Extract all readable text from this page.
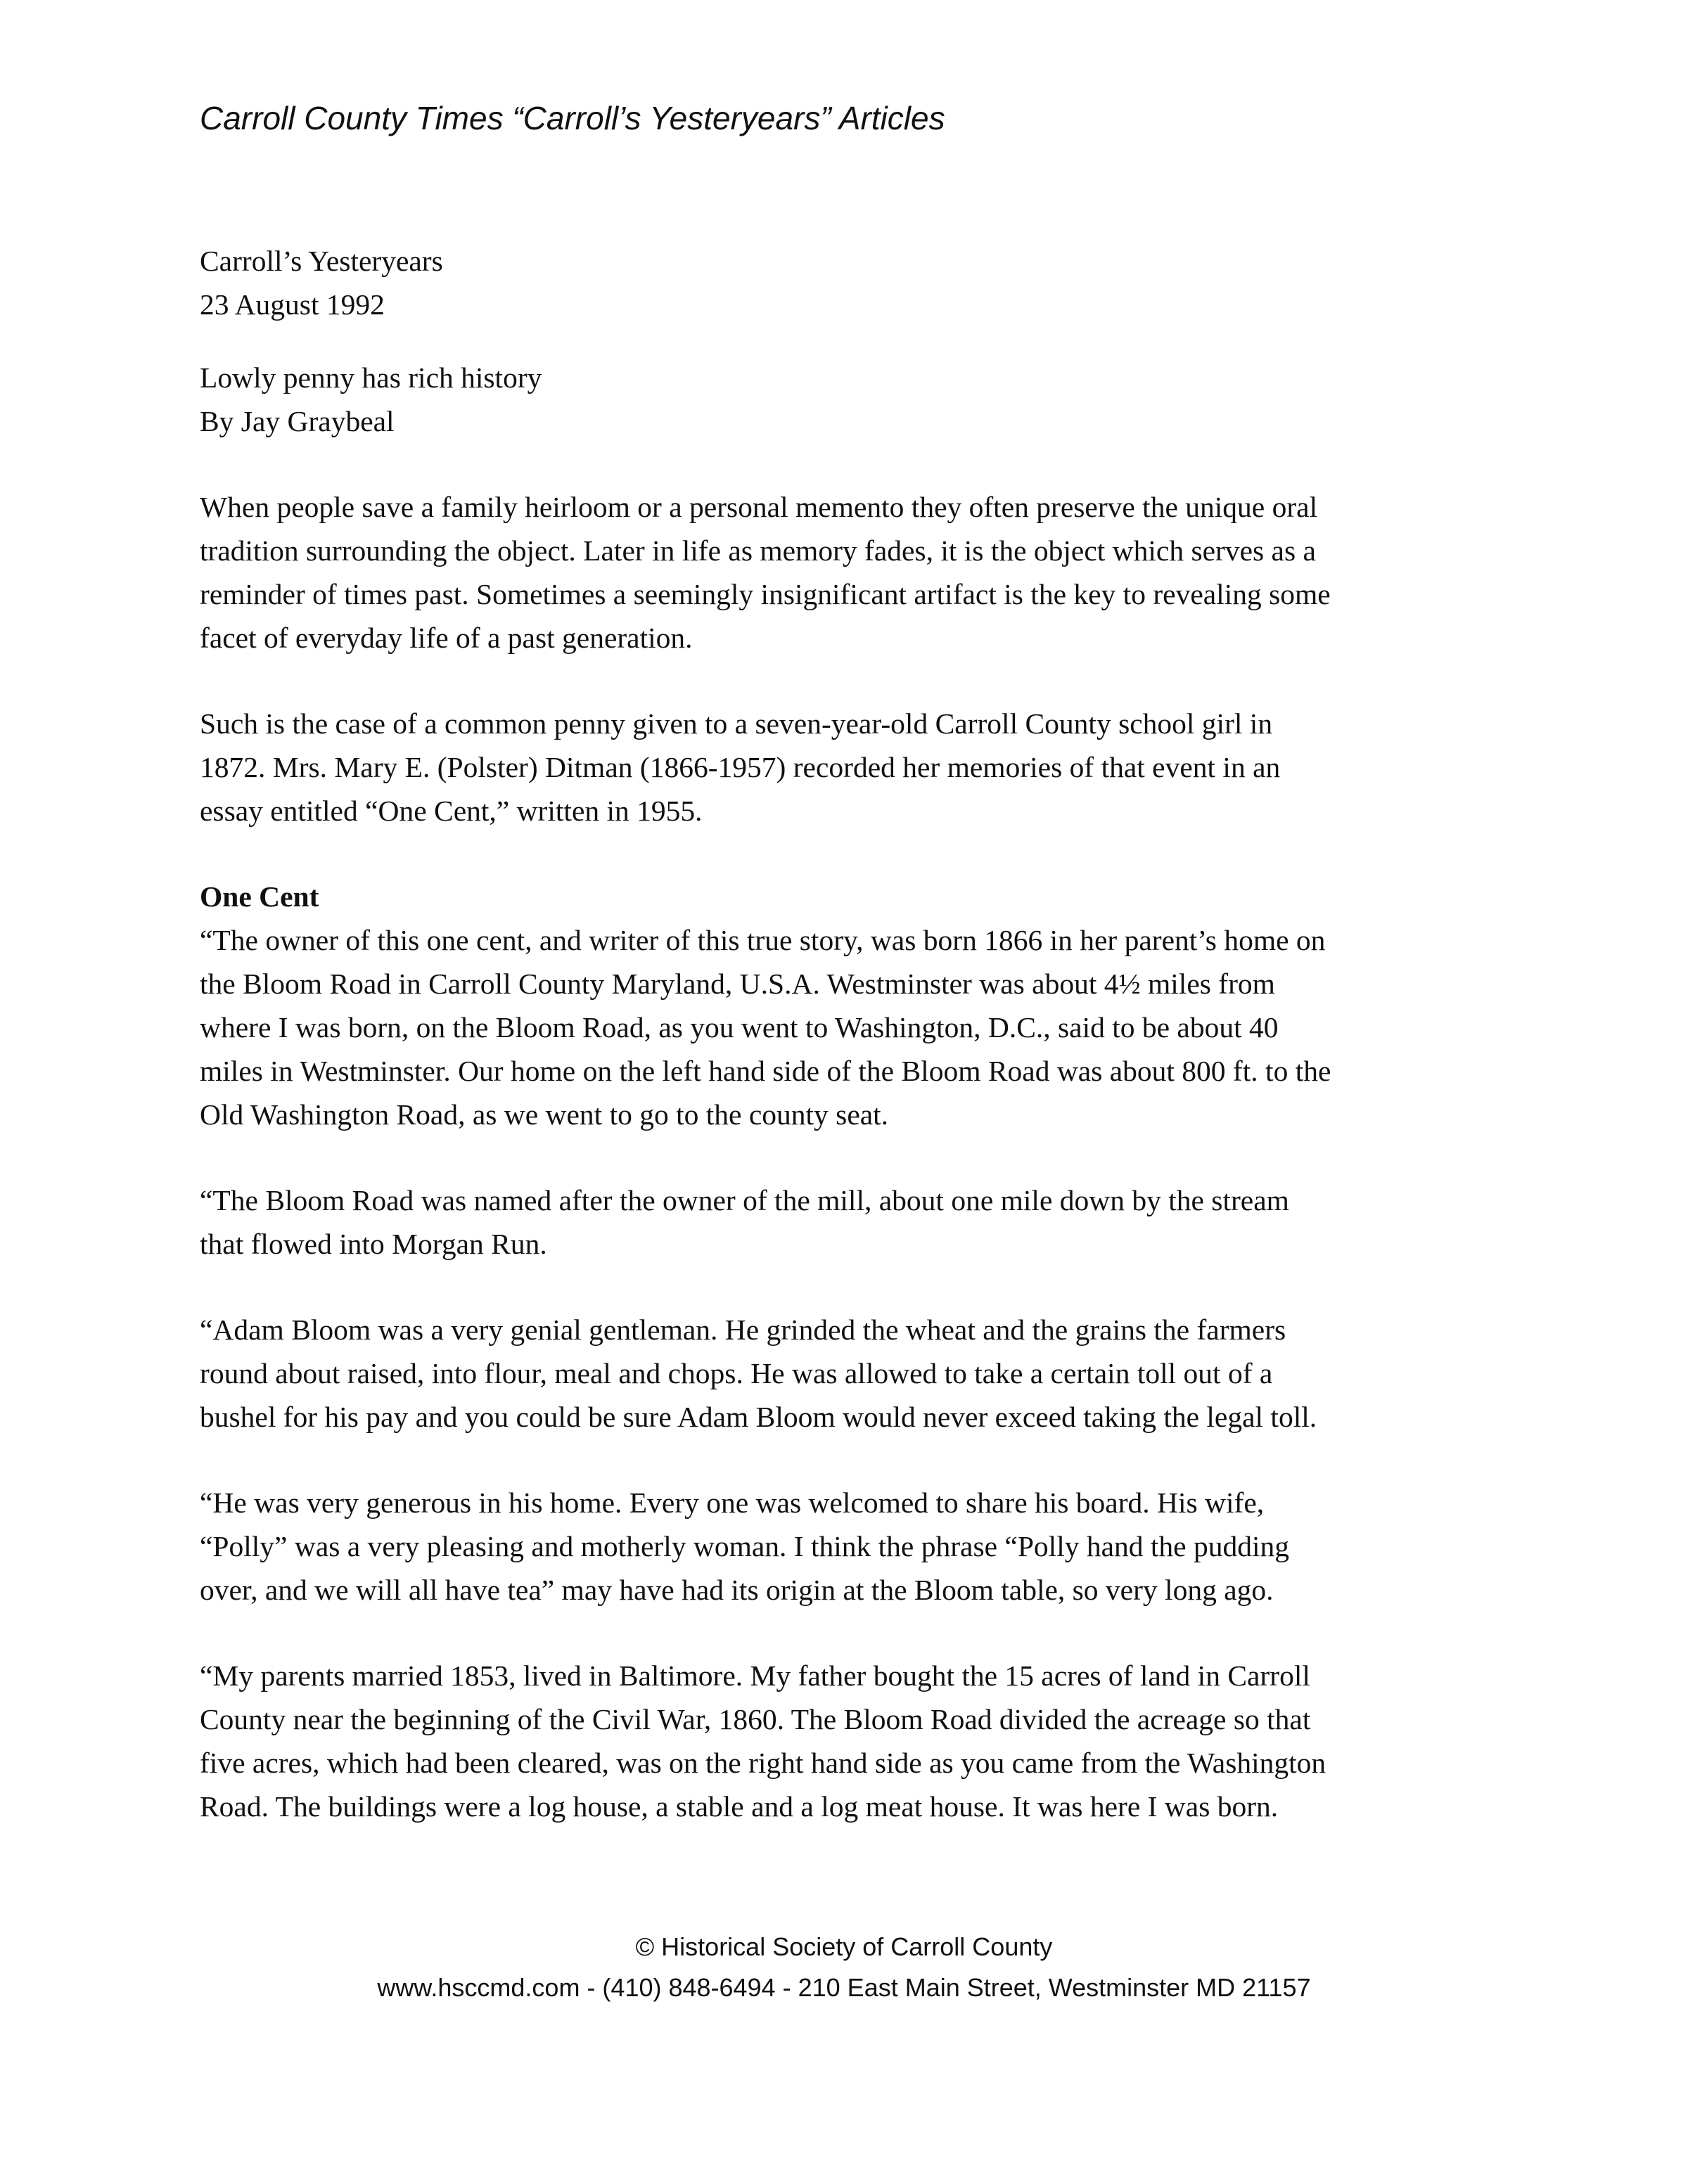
Carroll County Times “Carroll’s Yesteryears” Articles
Carroll’s Yesteryears
23 August 1992
Lowly penny has rich history
By Jay Graybeal
When people save a family heirloom or a personal memento they often preserve the unique oral
tradition surrounding the object. Later in life as memory fades, it is the object which serves as a
reminder of times past. Sometimes a seemingly insignificant artifact is the key to revealing some
facet of everyday life of a past generation.
Such is the case of a common penny given to a seven-year-old Carroll County school girl in
1872. Mrs. Mary E. (Polster) Ditman (1866-1957) recorded her memories of that event in an
essay entitled “One Cent,” written in 1955.
One Cent
“The owner of this one cent, and writer of this true story, was born 1866 in her parent’s home on
the Bloom Road in Carroll County Maryland, U.S.A. Westminster was about 4½ miles from
where I was born, on the Bloom Road, as you went to Washington, D.C., said to be about 40
miles in Westminster. Our home on the left hand side of the Bloom Road was about 800 ft. to the
Old Washington Road, as we went to go to the county seat.
“The Bloom Road was named after the owner of the mill, about one mile down by the stream
that flowed into Morgan Run.
“Adam Bloom was a very genial gentleman. He grinded the wheat and the grains the farmers
round about raised, into flour, meal and chops. He was allowed to take a certain toll out of a
bushel for his pay and you could be sure Adam Bloom would never exceed taking the legal toll.
“He was very generous in his home. Every one was welcomed to share his board. His wife,
“Polly” was a very pleasing and motherly woman. I think the phrase “Polly hand the pudding
over, and we will all have tea” may have had its origin at the Bloom table, so very long ago.
“My parents married 1853, lived in Baltimore. My father bought the 15 acres of land in Carroll
County near the beginning of the Civil War, 1860. The Bloom Road divided the acreage so that
five acres, which had been cleared, was on the right hand side as you came from the Washington
Road. The buildings were a log house, a stable and a log meat house. It was here I was born.
© Historical Society of Carroll County
www.hsccmd.com - (410) 848-6494 - 210 East Main Street, Westminster MD 21157
